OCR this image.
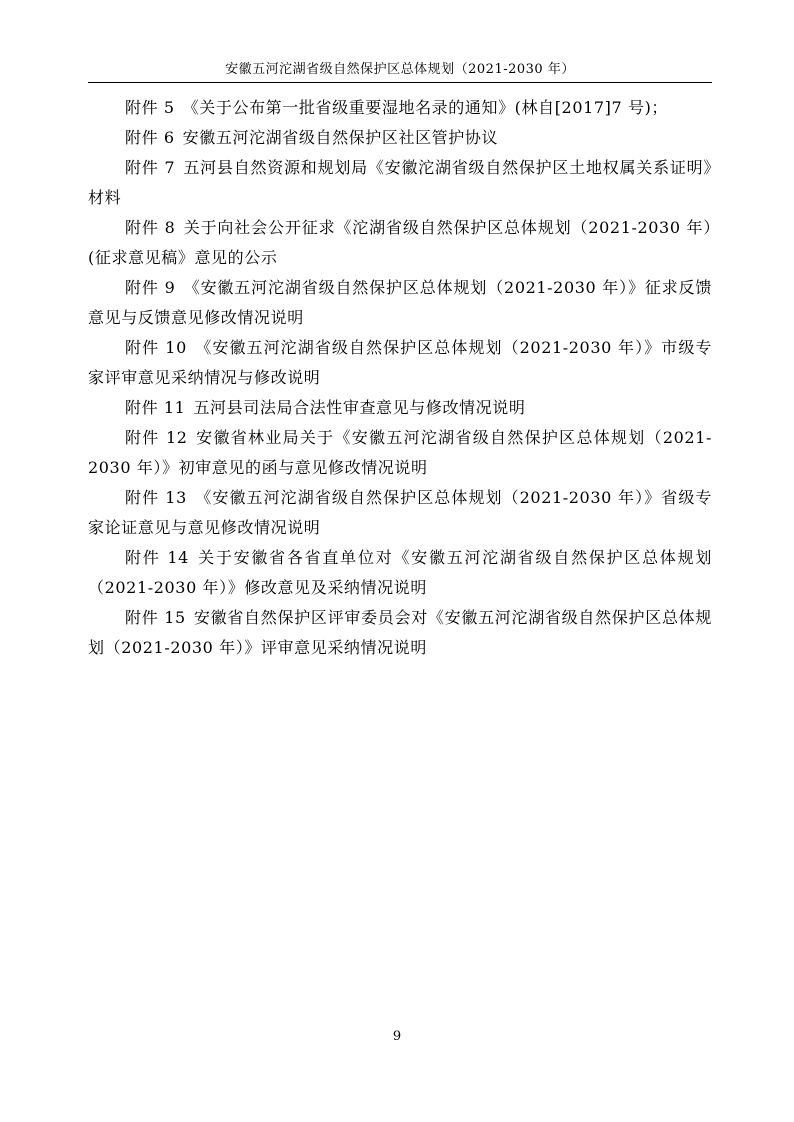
安徽五河沱湖省级自然保护区总体规划（2021-2030 年）

附件 5 《关于公布第一批省级重要湿地名录的通知》(林自[2017]7 号)；

附件 6 安徽五河沱湖省级自然保护区社区管护协议

附件 7 五河县自然资源和规划局《安徽沱湖省级自然保护区土地权属关系证明》材料

附件 8 关于向社会公开征求《沱湖省级自然保护区总体规划（2021-2030 年）(征求意见稿》意见的公示

附件 9 《安徽五河沱湖省级自然保护区总体规划（2021-2030 年）》征求反馈意见与反馈意见修改情况说明

附件 10 《安徽五河沱湖省级自然保护区总体规划（2021-2030 年）》市级专家评审意见采纳情况与修改说明

附件 11 五河县司法局合法性审查意见与修改情况说明

附件 12 安徽省林业局关于《安徽五河沱湖省级自然保护区总体规划（2021-2030 年）》初审意见的函与意见修改情况说明

附件 13 《安徽五河沱湖省级自然保护区总体规划（2021-2030 年）》省级专家论证意见与意见修改情况说明

附件 14 关于安徽省各省直单位对《安徽五河沱湖省级自然保护区总体规划（2021-2030 年）》修改意见及采纳情况说明

附件 15 安徽省自然保护区评审委员会对《安徽五河沱湖省级自然保护区总体规划（2021-2030 年）》评审意见采纳情况说明

9
